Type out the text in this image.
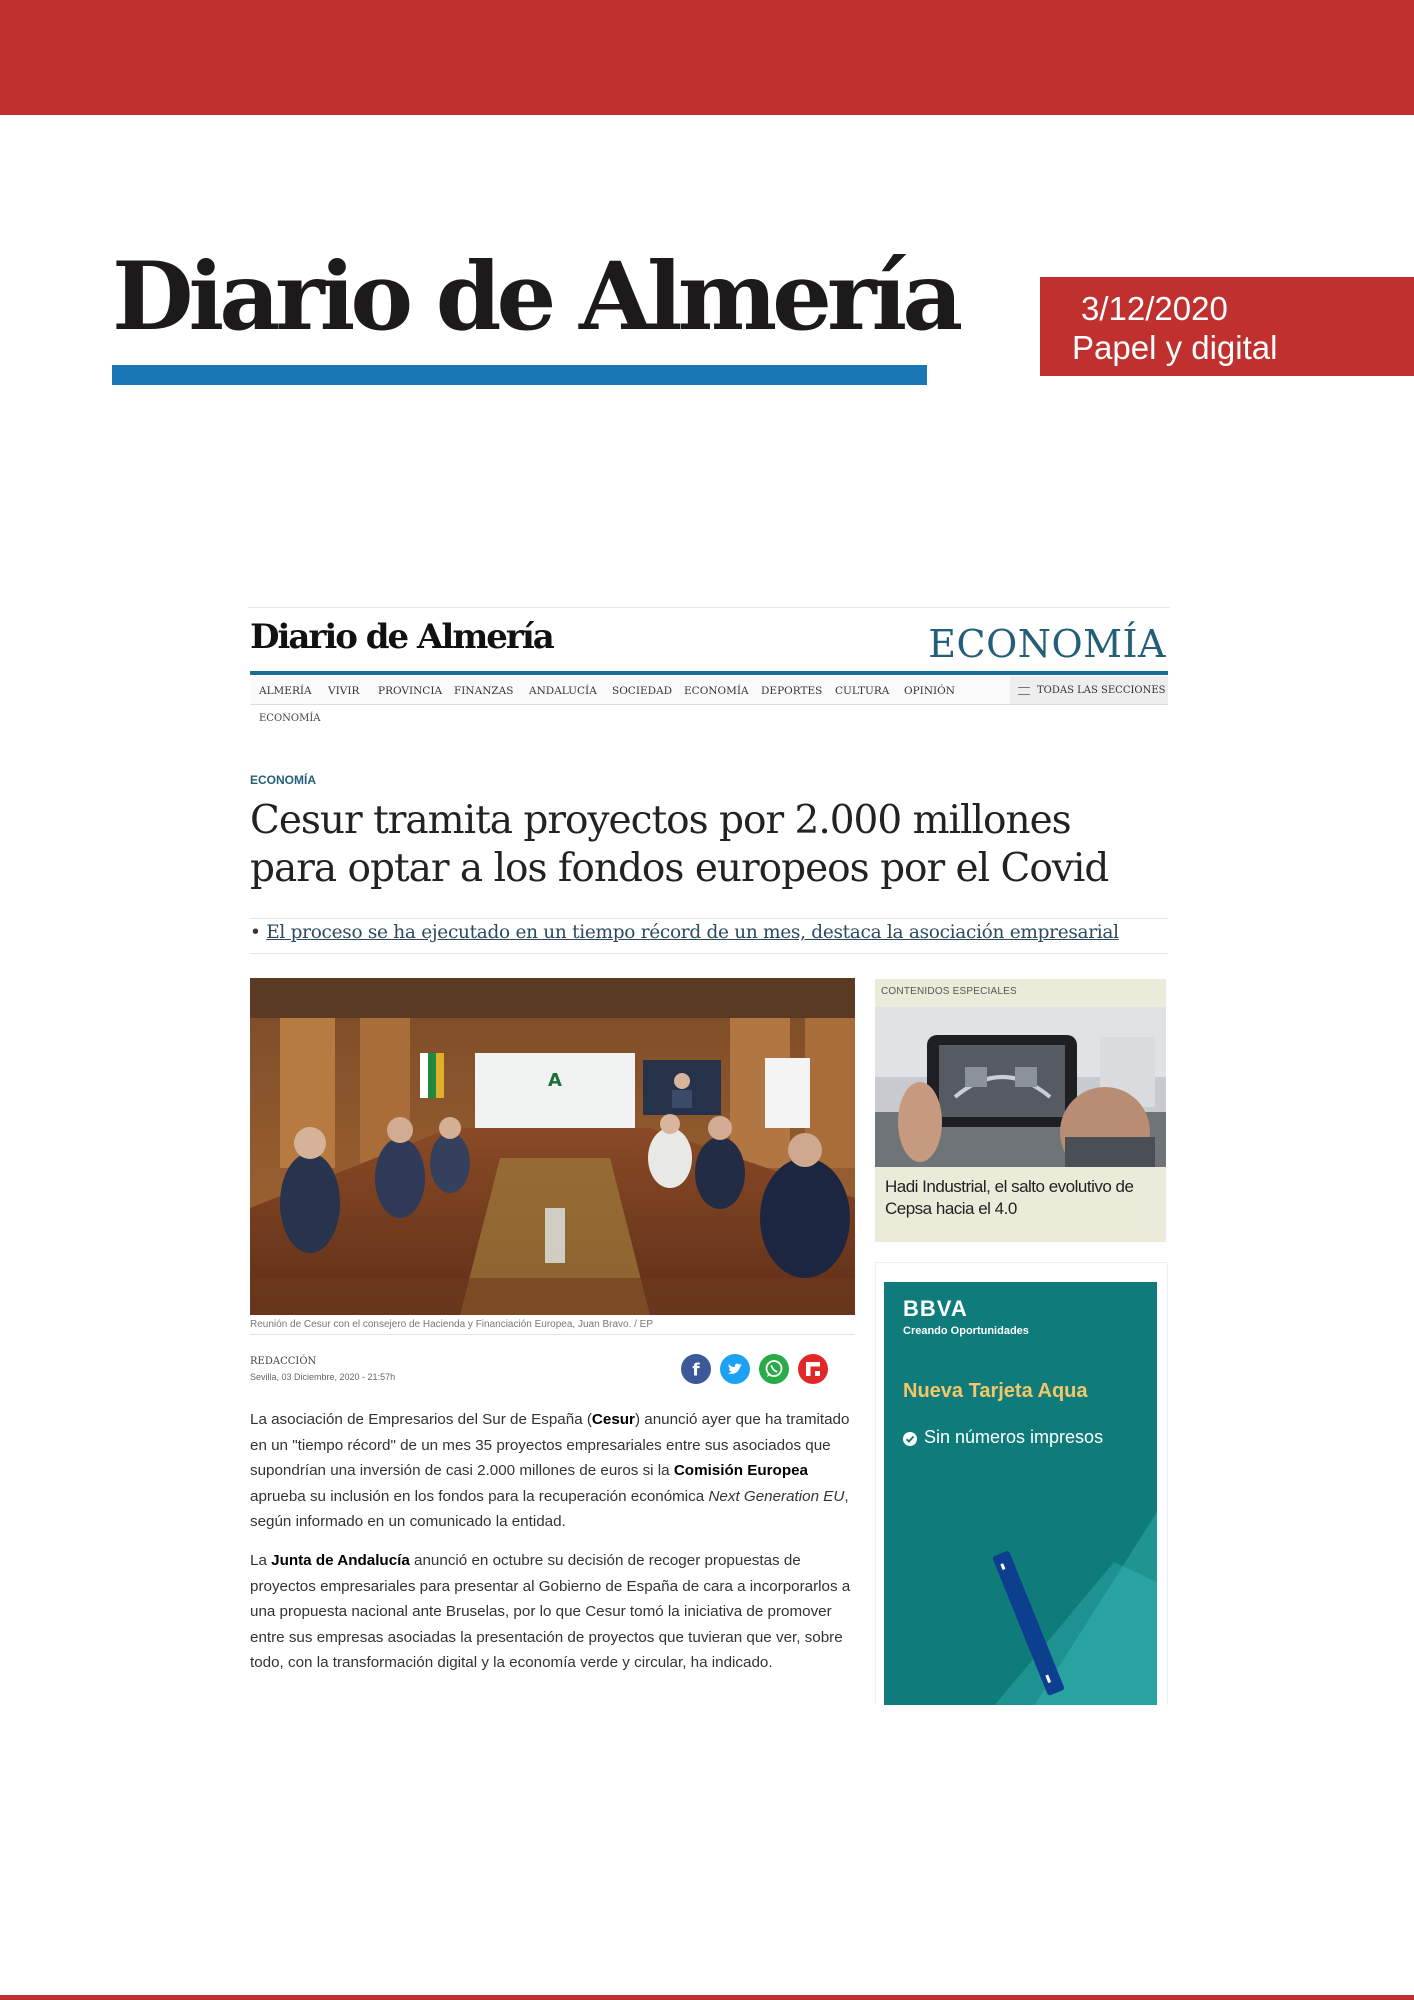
Diario de Almería	3/12/2020
Papel y digital
Diario de Almería	ECONOMÍA
ALMERÍA VIVIR PROVINCIA FINANZAS ANDALUCÍA SOCIEDAD ECONOMÍA DEPORTES CULTURA OPINIÓN	TODAS LAS SECCIONES
ECONOMÍA
ECONOMÍA
Cesur tramita proyectos por 2.000 millones para optar a los fondos europeos por el Covid
• El proceso se ha ejecutado en un tiempo récord de un mes, destaca la asociación empresarial
A
Reunión de Cesur con el consejero de Hacienda y Financiación Europea, Juan Bravo. / EP
REDACCIÓN
Sevilla, 03 Diciembre, 2020 - 21:57h	f

La asociación de Empresarios del Sur de España (Cesur) anunció ayer que ha tramitado en un "tiempo récord" de un mes 35 proyectos empresariales entre sus asociados que supondrían una inversión de casi 2.000 millones de euros si la Comisión Europea aprueba su inclusión en los fondos para la recuperación económica Next Generation EU, según informado en un comunicado la entidad.

La Junta de Andalucía anunció en octubre su decisión de recoger propuestas de proyectos empresariales para presentar al Gobierno de España de cara a incorporarlos a una propuesta nacional ante Bruselas, por lo que Cesur tomó la iniciativa de promover entre sus empresas asociadas la presentación de proyectos que tuvieran que ver, sobre todo, con la transformación digital y la economía verde y circular, ha indicado.

CONTENIDOS ESPECIALES

Hadi Industrial, el salto evolutivo de Cepsa hacia el 4.0

BBVA
Creando Oportunidades
Nueva Tarjeta Aqua
Sin números impresos
